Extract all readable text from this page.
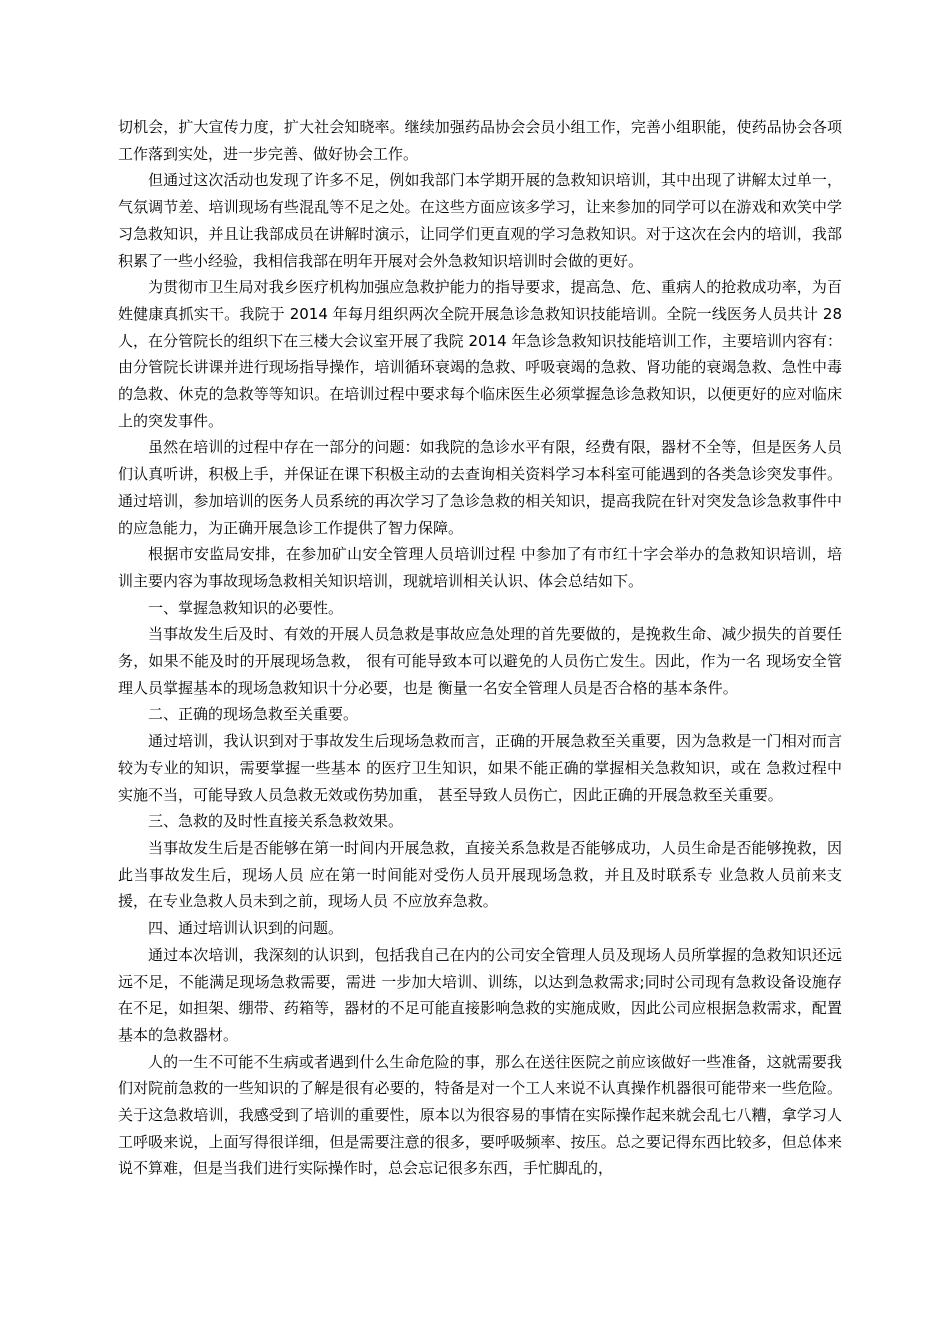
切机会，扩大宣传力度，扩大社会知晓率。继续加强药品协会会员小组工作，完善小组职能，使药品协会各项工作落到实处，进一步完善、做好协会工作。

但通过这次活动也发现了许多不足，例如我部门本学期开展的急救知识培训，其中出现了讲解太过单一，气氛调节差、培训现场有些混乱等不足之处。在这些方面应该多学习，让来参加的同学可以在游戏和欢笑中学习急救知识，并且让我部成员在讲解时演示，让同学们更直观的学习急救知识。对于这次在会内的培训，我部积累了一些小经验，我相信我部在明年开展对会外急救知识培训时会做的更好。

为贯彻市卫生局对我乡医疗机构加强应急救护能力的指导要求，提高急、危、重病人的抢救成功率，为百姓健康真抓实干。我院于 2014 年每月组织两次全院开展急诊急救知识技能培训。全院一线医务人员共计 28 人，在分管院长的组织下在三楼大会议室开展了我院 2014 年急诊急救知识技能培训工作，主要培训内容有：由分管院长讲课并进行现场指导操作，培训循环衰竭的急救、呼吸衰竭的急救、肾功能的衰竭急救、急性中毒的急救、休克的急救等等知识。在培训过程中要求每个临床医生必须掌握急诊急救知识，以便更好的应对临床上的突发事件。

虽然在培训的过程中存在一部分的问题：如我院的急诊水平有限，经费有限，器材不全等，但是医务人员们认真听讲，积极上手，并保证在课下积极主动的去查询相关资料学习本科室可能遇到的各类急诊突发事件。通过培训，参加培训的医务人员系统的再次学习了急诊急救的相关知识，提高我院在针对突发急诊急救事件中的应急能力，为正确开展急诊工作提供了智力保障。

根据市安监局安排，在参加矿山安全管理人员培训过程 中参加了有市红十字会举办的急救知识培训，培训主要内容为事故现场急救相关知识培训，现就培训相关认识、体会总结如下。

一、掌握急救知识的必要性。

当事故发生后及时、有效的开展人员急救是事故应急处理的首先要做的，是挽救生命、减少损失的首要任务，如果不能及时的开展现场急救， 很有可能导致本可以避免的人员伤亡发生。因此，作为一名 现场安全管理人员掌握基本的现场急救知识十分必要，也是 衡量一名安全管理人员是否合格的基本条件。

二、正确的现场急救至关重要。

通过培训，我认识到对于事故发生后现场急救而言，正确的开展急救至关重要，因为急救是一门相对而言较为专业的知识，需要掌握一些基本 的医疗卫生知识，如果不能正确的掌握相关急救知识，或在 急救过程中实施不当，可能导致人员急救无效或伤势加重， 甚至导致人员伤亡，因此正确的开展急救至关重要。

三、急救的及时性直接关系急救效果。

当事故发生后是否能够在第一时间内开展急救，直接关系急救是否能够成功，人员生命是否能够挽救，因此当事故发生后，现场人员 应在第一时间能对受伤人员开展现场急救，并且及时联系专 业急救人员前来支援，在专业急救人员未到之前，现场人员 不应放弃急救。

四、通过培训认识到的问题。

通过本次培训，我深刻的认识到，包括我自己在内的公司安全管理人员及现场人员所掌握的急救知识还远远不足，不能满足现场急救需要，需进 一步加大培训、训练，以达到急救需求;同时公司现有急救设备设施存在不足，如担架、绷带、药箱等，器材的不足可能直接影响急救的实施成败，因此公司应根据急救需求，配置基本的急救器材。

人的一生不可能不生病或者遇到什么生命危险的事，那么在送往医院之前应该做好一些准备，这就需要我们对院前急救的一些知识的了解是很有必要的，特备是对一个工人来说不认真操作机器很可能带来一些危险。关于这急救培训，我感受到了培训的重要性，原本以为很容易的事情在实际操作起来就会乱七八糟，拿学习人工呼吸来说，上面写得很详细，但是需要注意的很多，要呼吸频率、按压。总之要记得东西比较多，但总体来说不算难，但是当我们进行实际操作时，总会忘记很多东西，手忙脚乱的，
